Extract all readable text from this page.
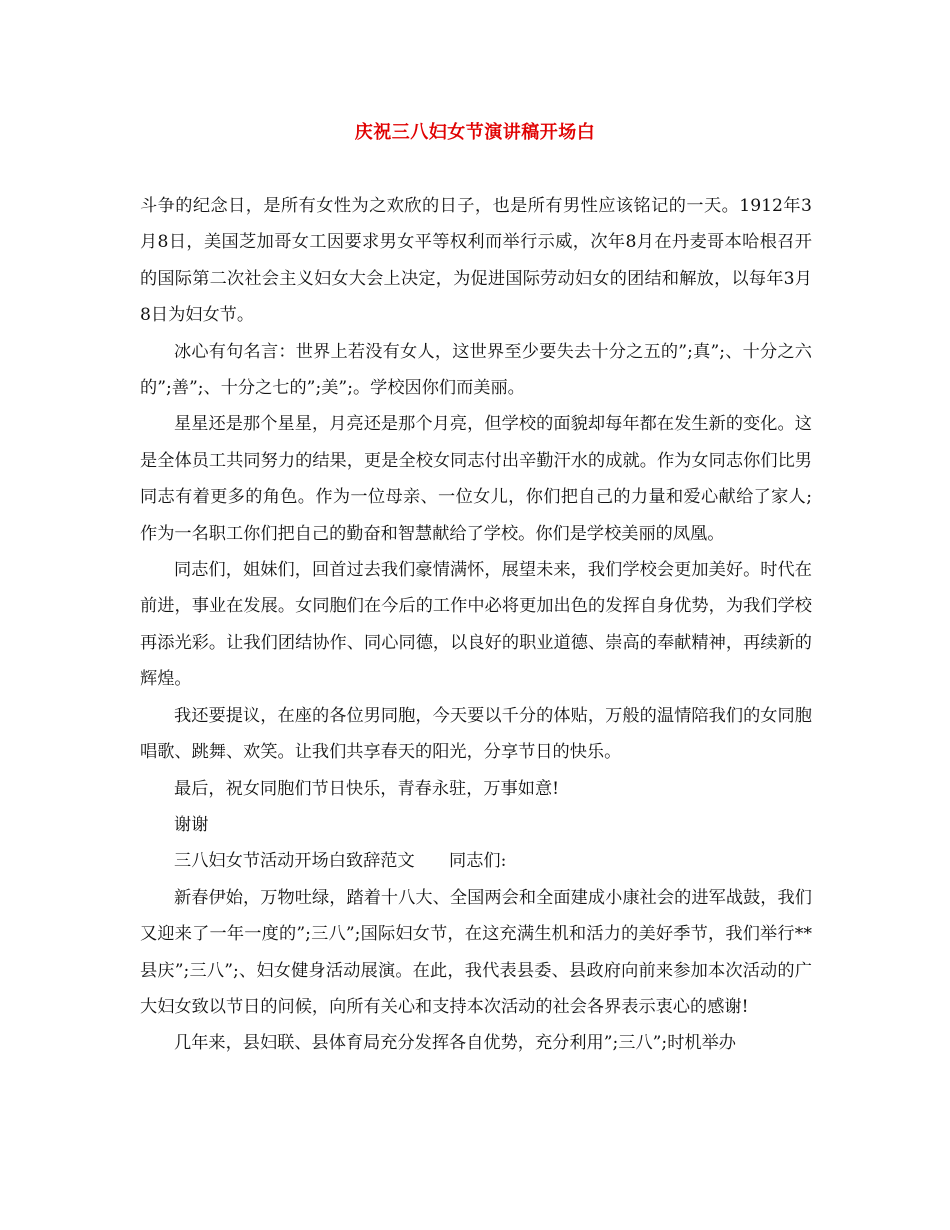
庆祝三八妇女节演讲稿开场白

斗争的纪念日，是所有女性为之欢欣的日子，也是所有男性应该铭记的一天。1912年3月8日，美国芝加哥女工因要求男女平等权利而举行示威，次年8月在丹麦哥本哈根召开的国际第二次社会主义妇女大会上决定，为促进国际劳动妇女的团结和解放，以每年3月8日为妇女节。

冰心有句名言：世界上若没有女人，这世界至少要失去十分之五的”;真”;、十分之六的”;善”;、十分之七的”;美”;。学校因你们而美丽。

星星还是那个星星，月亮还是那个月亮，但学校的面貌却每年都在发生新的变化。这是全体员工共同努力的结果，更是全校女同志付出辛勤汗水的成就。作为女同志你们比男同志有着更多的角色。作为一位母亲、一位女儿，你们把自己的力量和爱心献给了家人;作为一名职工你们把自己的勤奋和智慧献给了学校。你们是学校美丽的凤凰。

同志们，姐妹们，回首过去我们豪情满怀，展望未来，我们学校会更加美好。时代在前进，事业在发展。女同胞们在今后的工作中必将更加出色的发挥自身优势，为我们学校再添光彩。让我们团结协作、同心同德，以良好的职业道德、崇高的奉献精神，再续新的辉煌。

我还要提议，在座的各位男同胞，今天要以千分的体贴，万般的温情陪我们的女同胞唱歌、跳舞、欢笑。让我们共享春天的阳光，分享节日的快乐。

最后，祝女同胞们节日快乐，青春永驻，万事如意!

谢谢

三八妇女节活动开场白致辞范文　　同志们:

新春伊始，万物吐绿，踏着十八大、全国两会和全面建成小康社会的进军战鼓，我们又迎来了一年一度的”;三八”;国际妇女节，在这充满生机和活力的美好季节，我们举行**县庆”;三八”;、妇女健身活动展演。在此，我代表县委、县政府向前来参加本次活动的广大妇女致以节日的问候，向所有关心和支持本次活动的社会各界表示衷心的感谢!

几年来，县妇联、县体育局充分发挥各自优势，充分利用”;三八”;时机举办
